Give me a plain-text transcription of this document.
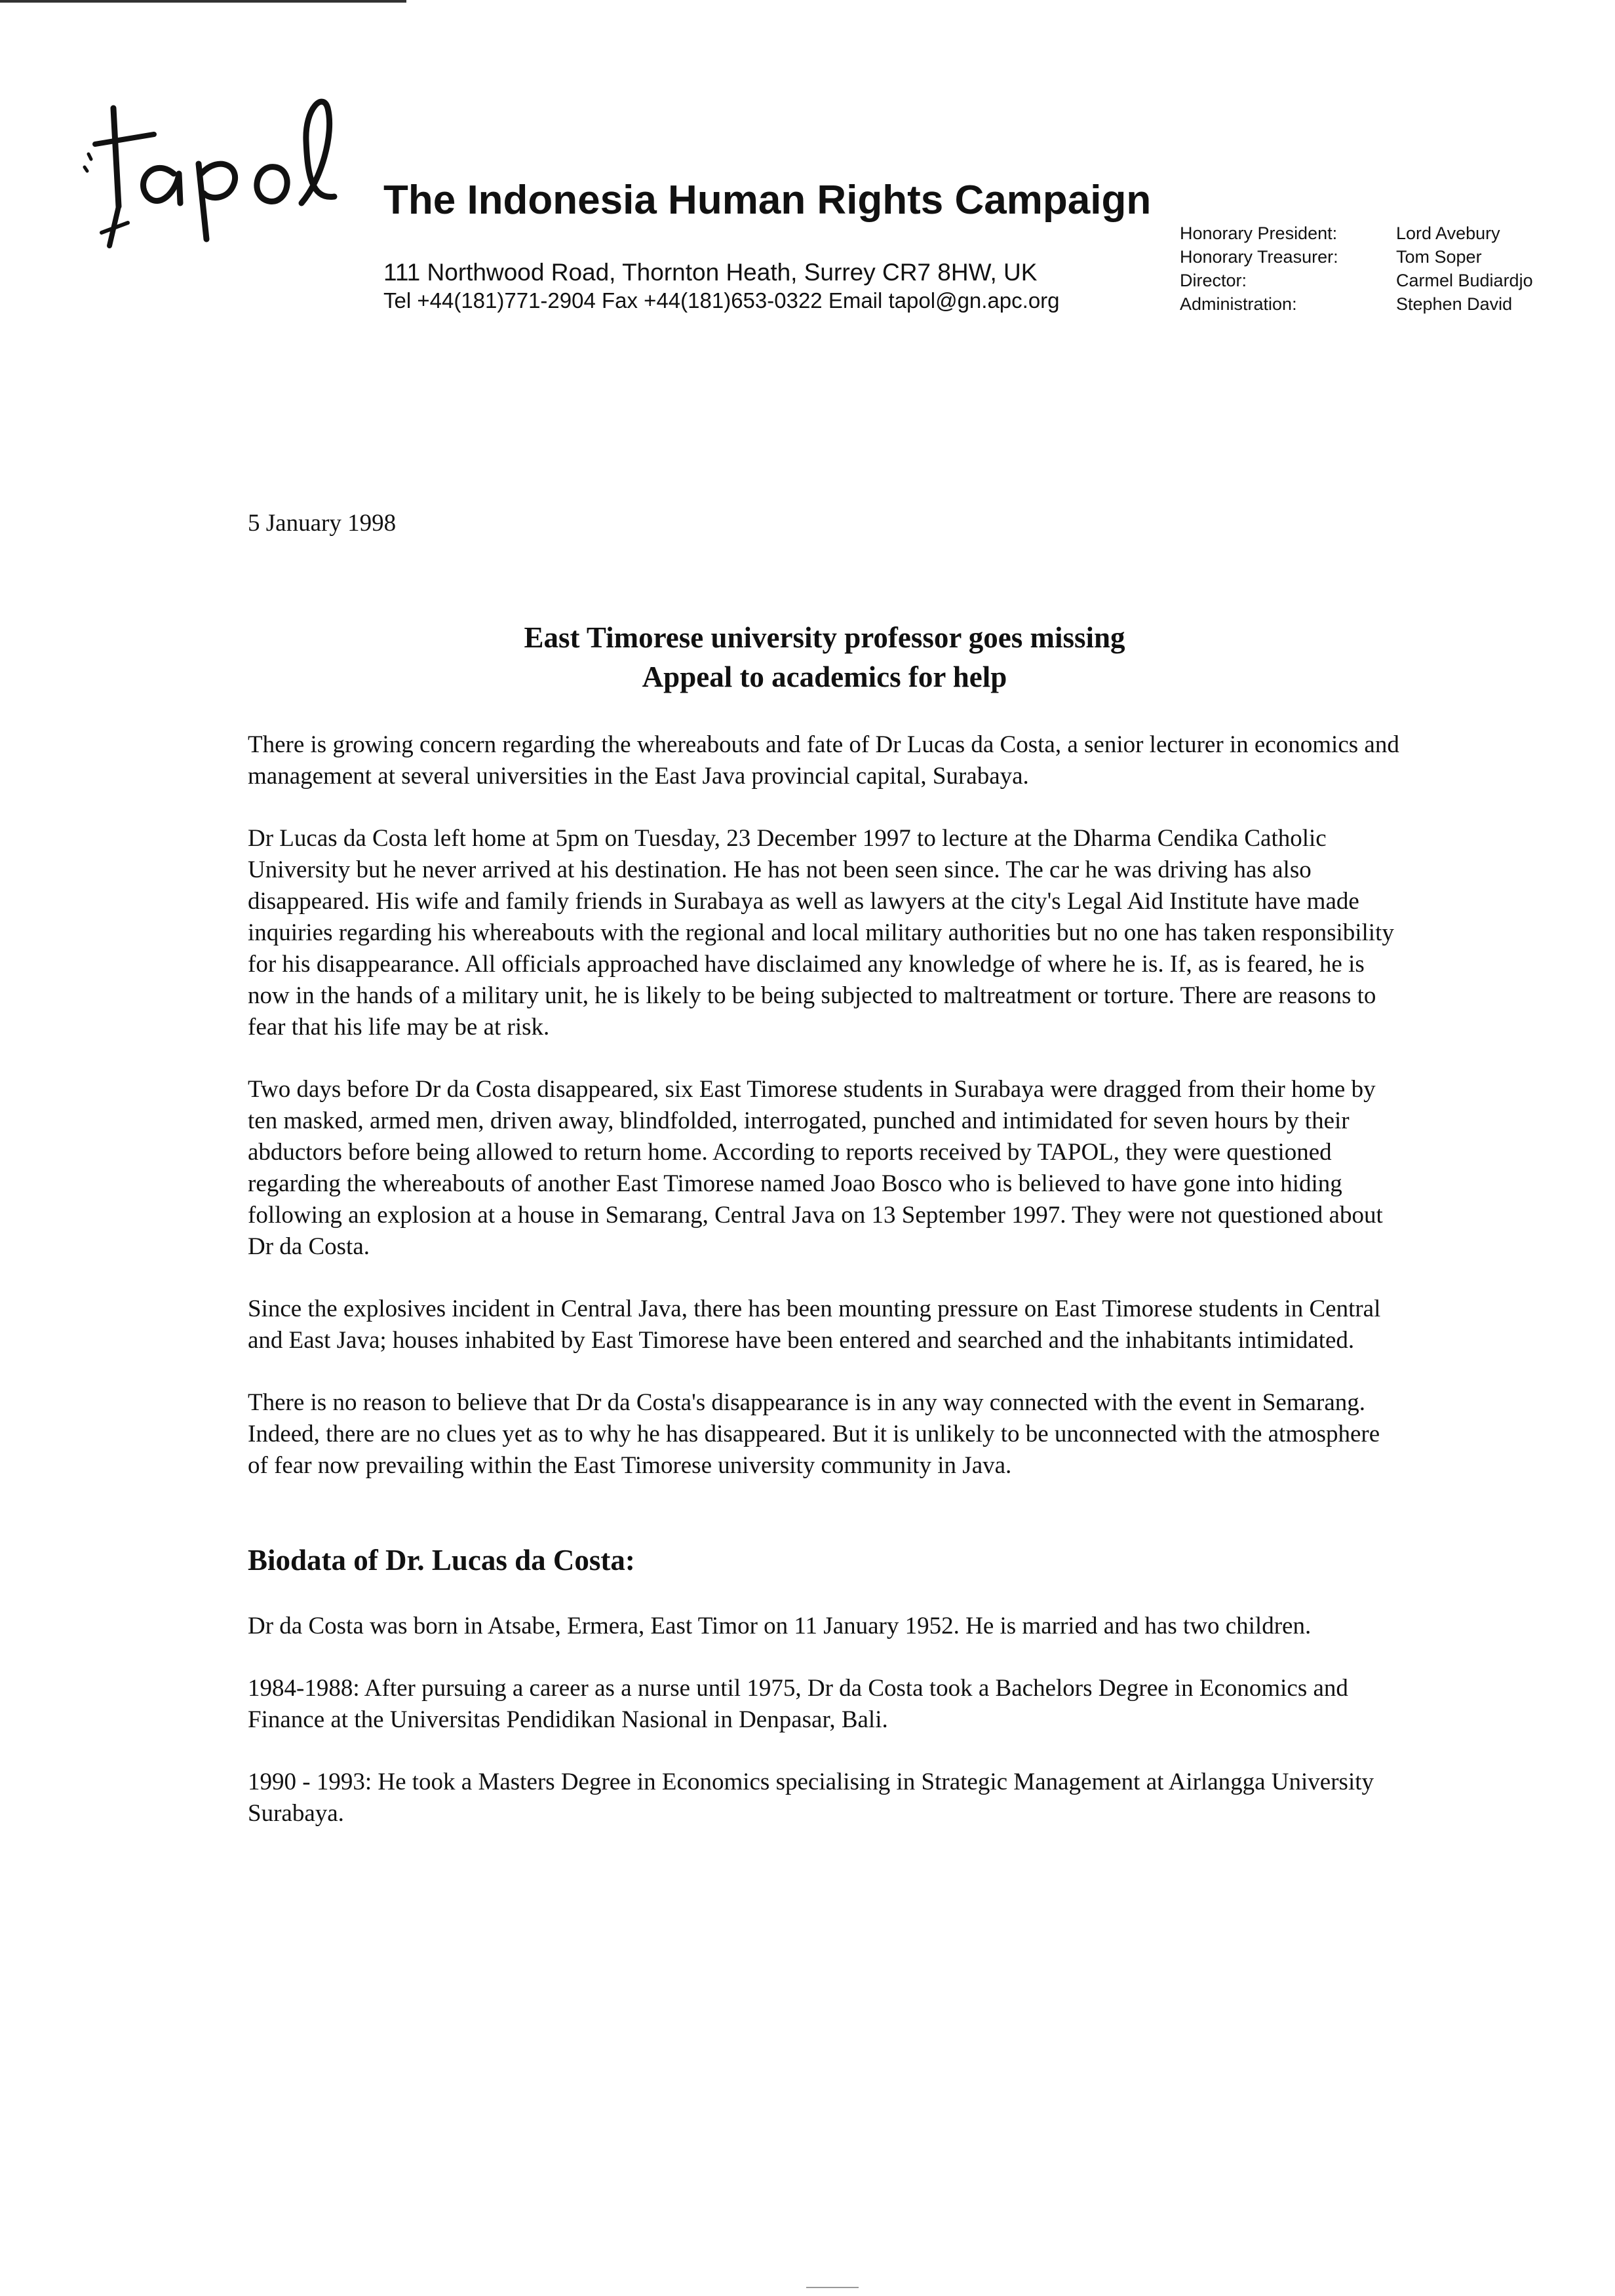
The Indonesia Human Rights Campaign
111 Northwood Road, Thornton Heath, Surrey CR7 8HW, UK
Tel +44(181)771-2904 Fax +44(181)653-0322 Email tapol@gn.apc.org
Honorary President:	Lord Avebury
Honorary Treasurer:	Tom Soper
Director:	Carmel Budiardjo
Administration:	Stephen David
5 January 1998
East Timorese university professor goes missing
Appeal to academics for help

There is growing concern regarding the whereabouts and fate of Dr Lucas da Costa, a senior lecturer in economics and management at several universities in the East Java provincial capital, Surabaya.

Dr Lucas da Costa left home at 5pm on Tuesday, 23 December 1997 to lecture at the Dharma Cendika Catholic University but he never arrived at his destination. He has not been seen since. The car he was driving has also disappeared. His wife and family friends in Surabaya as well as lawyers at the city's Legal Aid Institute have made inquiries regarding his whereabouts with the regional and local military authorities but no one has taken responsibility for his disappearance. All officials approached have disclaimed any knowledge of where he is. If, as is feared, he is now in the hands of a military unit, he is likely to be being subjected to maltreatment or torture. There are reasons to fear that his life may be at risk.

Two days before Dr da Costa disappeared, six East Timorese students in Surabaya were dragged from their home by ten masked, armed men, driven away, blindfolded, interrogated, punched and intimidated for seven hours by their abductors before being allowed to return home. According to reports received by TAPOL, they were questioned regarding the whereabouts of another East Timorese named Joao Bosco who is believed to have gone into hiding following an explosion at a house in Semarang, Central Java on 13 September 1997. They were not questioned about Dr da Costa.

Since the explosives incident in Central Java, there has been mounting pressure on East Timorese students in Central and East Java; houses inhabited by East Timorese have been entered and searched and the inhabitants intimidated.

There is no reason to believe that Dr da Costa's disappearance is in any way connected with the event in Semarang. Indeed, there are no clues yet as to why he has disappeared. But it is unlikely to be unconnected with the atmosphere of fear now prevailing within the East Timorese university community in Java.

Biodata of Dr. Lucas da Costa:

Dr da Costa was born in Atsabe, Ermera, East Timor on 11 January 1952. He is married and has two children.

1984-1988: After pursuing a career as a nurse until 1975, Dr da Costa took a Bachelors Degree in Economics and Finance at the Universitas Pendidikan Nasional in Denpasar, Bali.

1990 - 1993: He took a Masters Degree in Economics specialising in Strategic Management at Airlangga University Surabaya.
